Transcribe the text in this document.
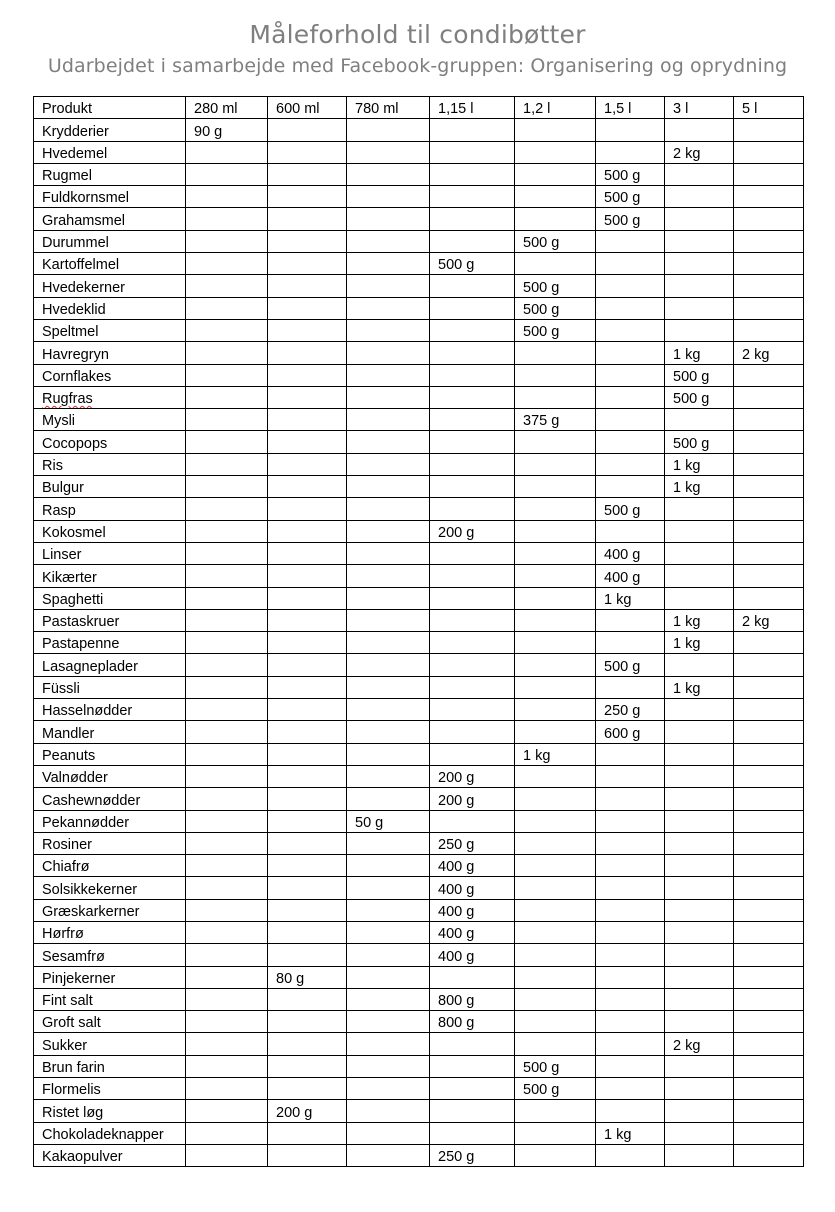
Måleforhold til condibøtter
Udarbejdet i samarbejde med Facebook-gruppen: Organisering og oprydning
Produkt	280 ml	600 ml	780 ml	1,15 l	1,2 l	1,5 l	3 l	5 l
Krydderier	90 g							
Hvedemel							2 kg	
Rugmel						500 g		
Fuldkornsmel						500 g		
Grahamsmel						500 g		
Durummel					500 g			
Kartoffelmel				500 g				
Hvedekerner					500 g			
Hvedeklid					500 g			
Speltmel					500 g			
Havregryn							1 kg	2 kg
Cornflakes							500 g	
Rugfras							500 g	
Mysli					375 g			
Cocopops							500 g	
Ris							1 kg	
Bulgur							1 kg	
Rasp						500 g		
Kokosmel				200 g				
Linser						400 g		
Kikærter						400 g		
Spaghetti						1 kg		
Pastaskruer							1 kg	2 kg
Pastapenne							1 kg	
Lasagneplader						500 g		
Füssli							1 kg	
Hasselnødder						250 g		
Mandler						600 g		
Peanuts					1 kg			
Valnødder				200 g				
Cashewnødder				200 g				
Pekannødder			50 g					
Rosiner				250 g				
Chiafrø				400 g				
Solsikkekerner				400 g				
Græskarkerner				400 g				
Hørfrø				400 g				
Sesamfrø				400 g				
Pinjekerner		80 g						
Fint salt				800 g				
Groft salt				800 g				
Sukker							2 kg	
Brun farin					500 g			
Flormelis					500 g			
Ristet løg		200 g						
Chokoladeknapper						1 kg		
Kakaopulver				250 g				
